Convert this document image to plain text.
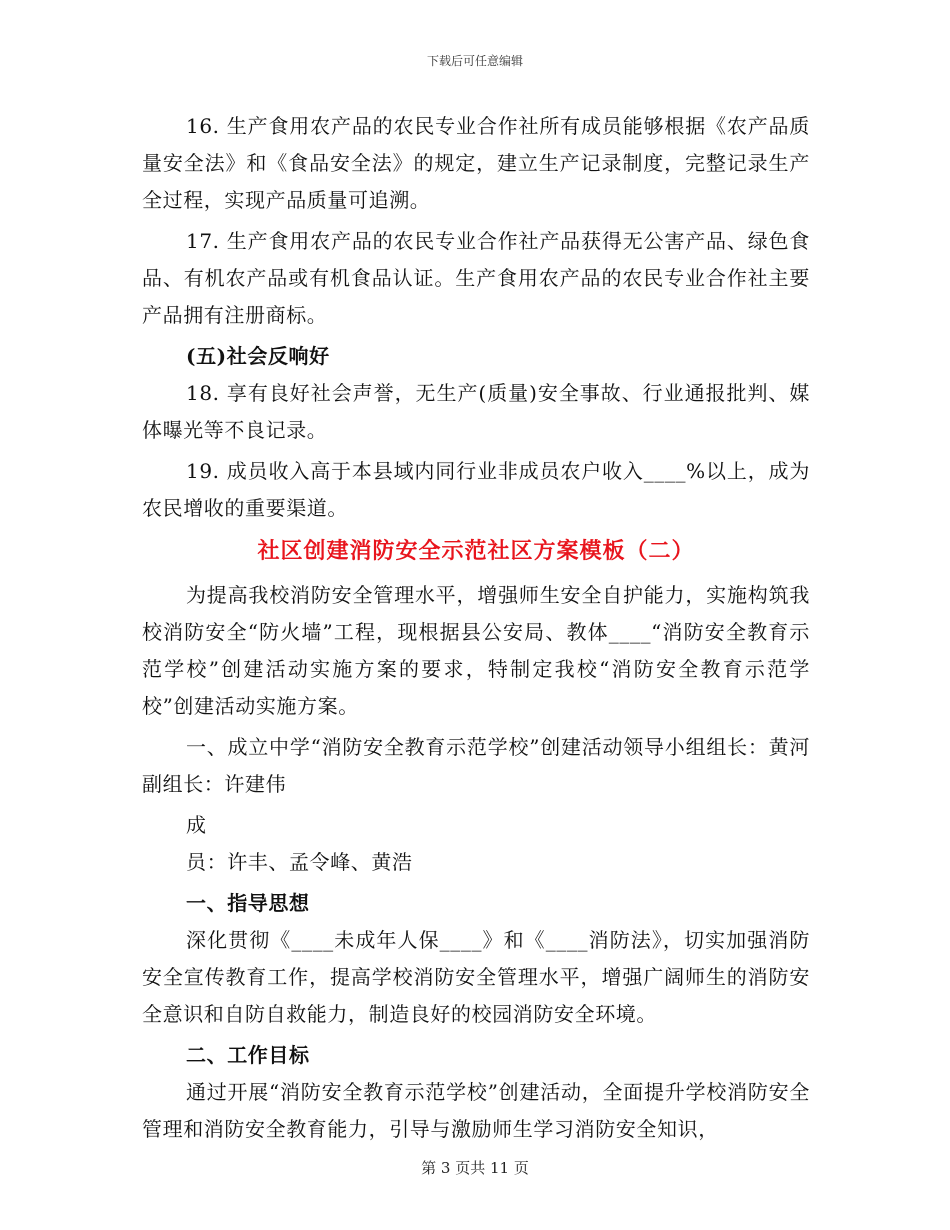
下载后可任意编辑

16. 生产食用农产品的农民专业合作社所有成员能够根据《农产品质量安全法》和《食品安全法》的规定，建立生产记录制度，完整记录生产全过程，实现产品质量可追溯。

17. 生产食用农产品的农民专业合作社产品获得无公害产品、绿色食品、有机农产品或有机食品认证。生产食用农产品的农民专业合作社主要产品拥有注册商标。

(五)社会反响好

18. 享有良好社会声誉，无生产(质量)安全事故、行业通报批判、媒体曝光等不良记录。

19. 成员收入高于本县域内同行业非成员农户收入____%以上，成为农民增收的重要渠道。

社区创建消防安全示范社区方案模板（二）

为提高我校消防安全管理水平，增强师生安全自护能力，实施构筑我校消防安全“防火墙”工程，现根据县公安局、教体____“消防安全教育示范学校”创建活动实施方案的要求，特制定我校“消防安全教育示范学校”创建活动实施方案。

一、成立中学“消防安全教育示范学校”创建活动领导小组组长：黄河副组长：许建伟

成

员：许丰、孟令峰、黄浩

一、指导思想

深化贯彻《____未成年人保____》和《____消防法》，切实加强消防安全宣传教育工作，提高学校消防安全管理水平，增强广阔师生的消防安全意识和自防自救能力，制造良好的校园消防安全环境。

二、工作目标

通过开展“消防安全教育示范学校”创建活动，全面提升学校消防安全管理和消防安全教育能力，引导与激励师生学习消防安全知识，

第 3 页共 11 页
